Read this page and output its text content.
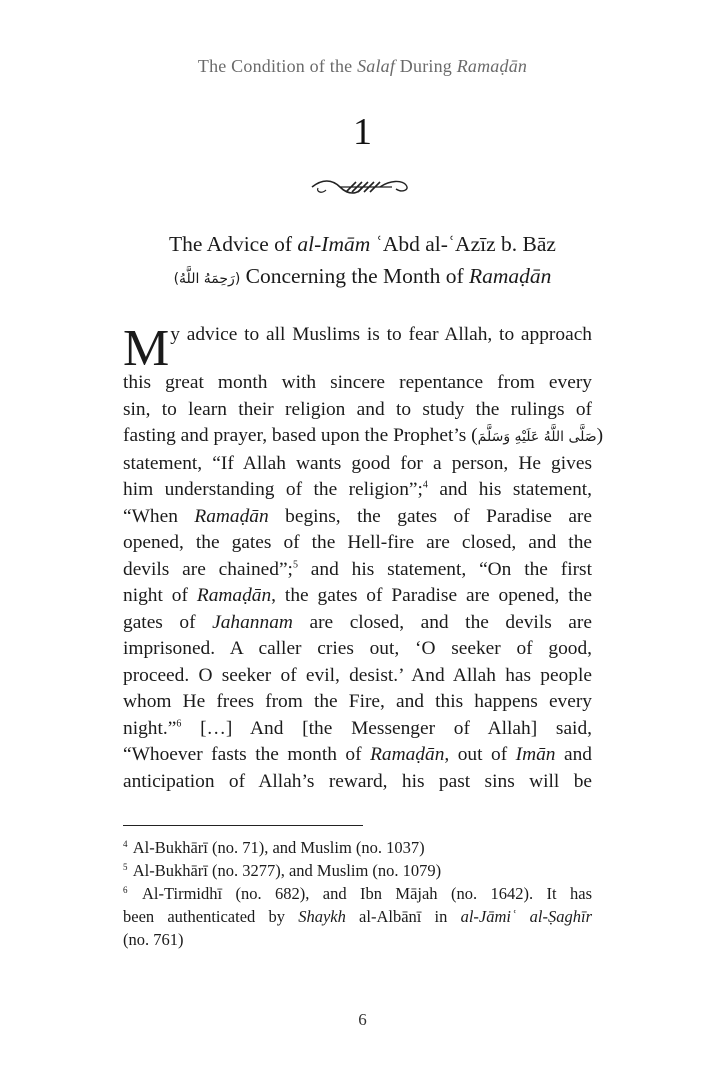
The Condition of the Salaf During Ramaḍān
1
The Advice of al-Imām ʿAbd al-ʿAzīz b. Bāz
(رَحِمَهُ اللَّهُ) Concerning the Month of Ramaḍān
M y advice to all Muslims is to fear Allah, to approach
this great month with sincere repentance from every
sin, to learn their religion and to study the rulings of
fasting and prayer, based upon the Prophet’s (صَلَّى اللَّهُ عَلَيْهِ وَسَلَّمَ)
statement, “If Allah wants good for a person, He gives
him understanding of the religion”;$^4$ and his statement,
“When Ramaḍān begins, the gates of Paradise are
opened, the gates of the Hell-fire are closed, and the
devils are chained”;$^5$ and his statement, “On the first
night of Ramaḍān, the gates of Paradise are opened, the
gates of Jahannam are closed, and the devils are
imprisoned. A caller cries out, ‘O seeker of good,
proceed. O seeker of evil, desist.’ And Allah has people
whom He frees from the Fire, and this happens every
night.”$^6$ […] And [the Messenger of Allah] said,
“Whoever fasts the month of Ramaḍān, out of Imān and
anticipation of Allah’s reward, his past sins will be
$^4$ Al-Bukhārī (no. 71), and Muslim (no. 1037)
$^5$ Al-Bukhārī (no. 3277), and Muslim (no. 1079)
$^6$ Al-Tirmidhī (no. 682), and Ibn Mājah (no. 1642). It has
been authenticated by Shaykh al-Albānī in al-Jāmiʿ al-Ṣaghīr
(no. 761)
6
